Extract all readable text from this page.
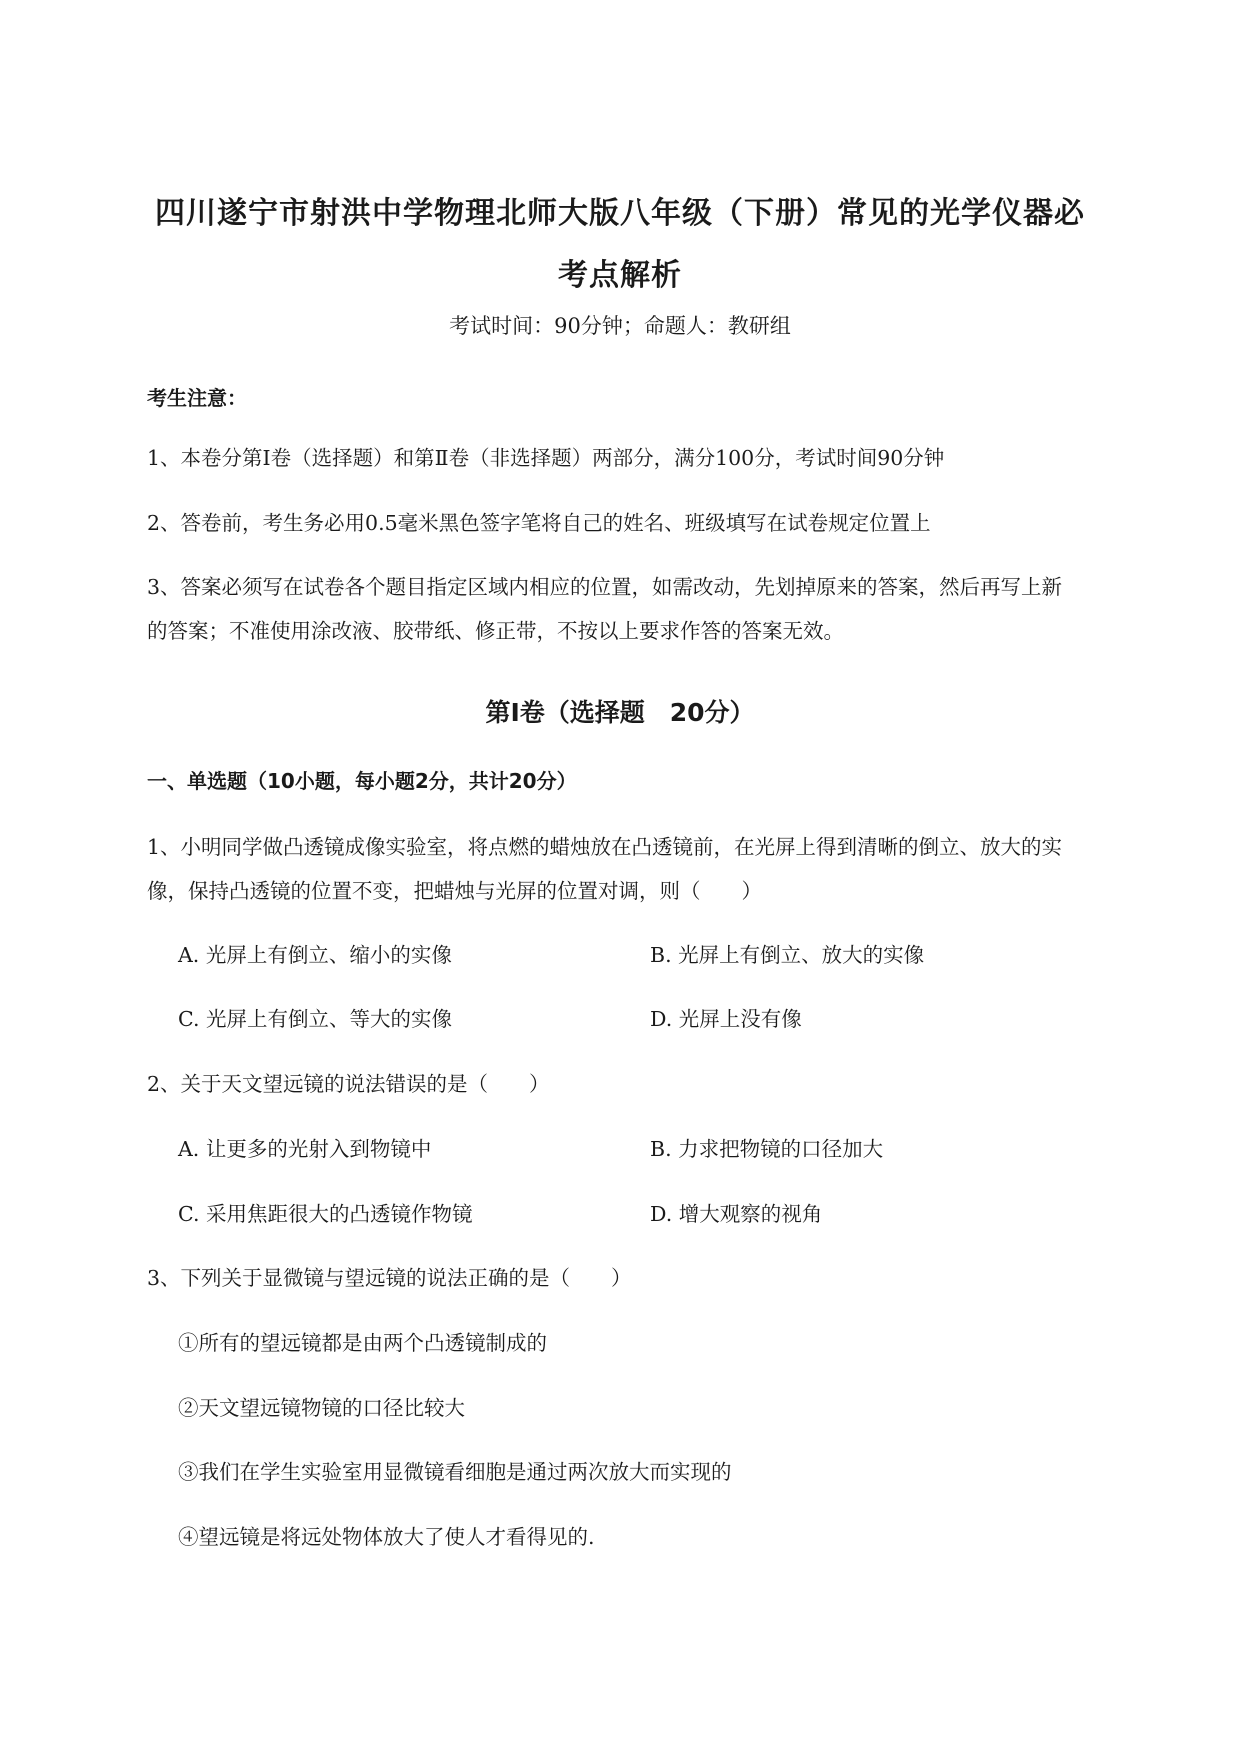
四川遂宁市射洪中学物理北师大版八年级（下册）常见的光学仪器必
考点解析
考试时间：90分钟；命题人：教研组
考生注意：
1、本卷分第Ⅰ卷（选择题）和第Ⅱ卷（非选择题）两部分，满分100分，考试时间90分钟
2、答卷前，考生务必用0.5毫米黑色签字笔将自己的姓名、班级填写在试卷规定位置上
3、答案必须写在试卷各个题目指定区域内相应的位置，如需改动，先划掉原来的答案，然后再写上新
的答案；不准使用涂改液、胶带纸、修正带，不按以上要求作答的答案无效。
第Ⅰ卷（选择题　20分）
一、单选题（10小题，每小题2分，共计20分）
1、小明同学做凸透镜成像实验室，将点燃的蜡烛放在凸透镜前，在光屏上得到清晰的倒立、放大的实
像，保持凸透镜的位置不变，把蜡烛与光屏的位置对调，则（　　）
A. 光屏上有倒立、缩小的实像	B. 光屏上有倒立、放大的实像
C. 光屏上有倒立、等大的实像	D. 光屏上没有像
2、关于天文望远镜的说法错误的是（　　）
A. 让更多的光射入到物镜中	B. 力求把物镜的口径加大
C. 采用焦距很大的凸透镜作物镜	D. 增大观察的视角
3、下列关于显微镜与望远镜的说法正确的是（　　）
①所有的望远镜都是由两个凸透镜制成的
②天文望远镜物镜的口径比较大
③我们在学生实验室用显微镜看细胞是通过两次放大而实现的
④望远镜是将远处物体放大了使人才看得见的.
